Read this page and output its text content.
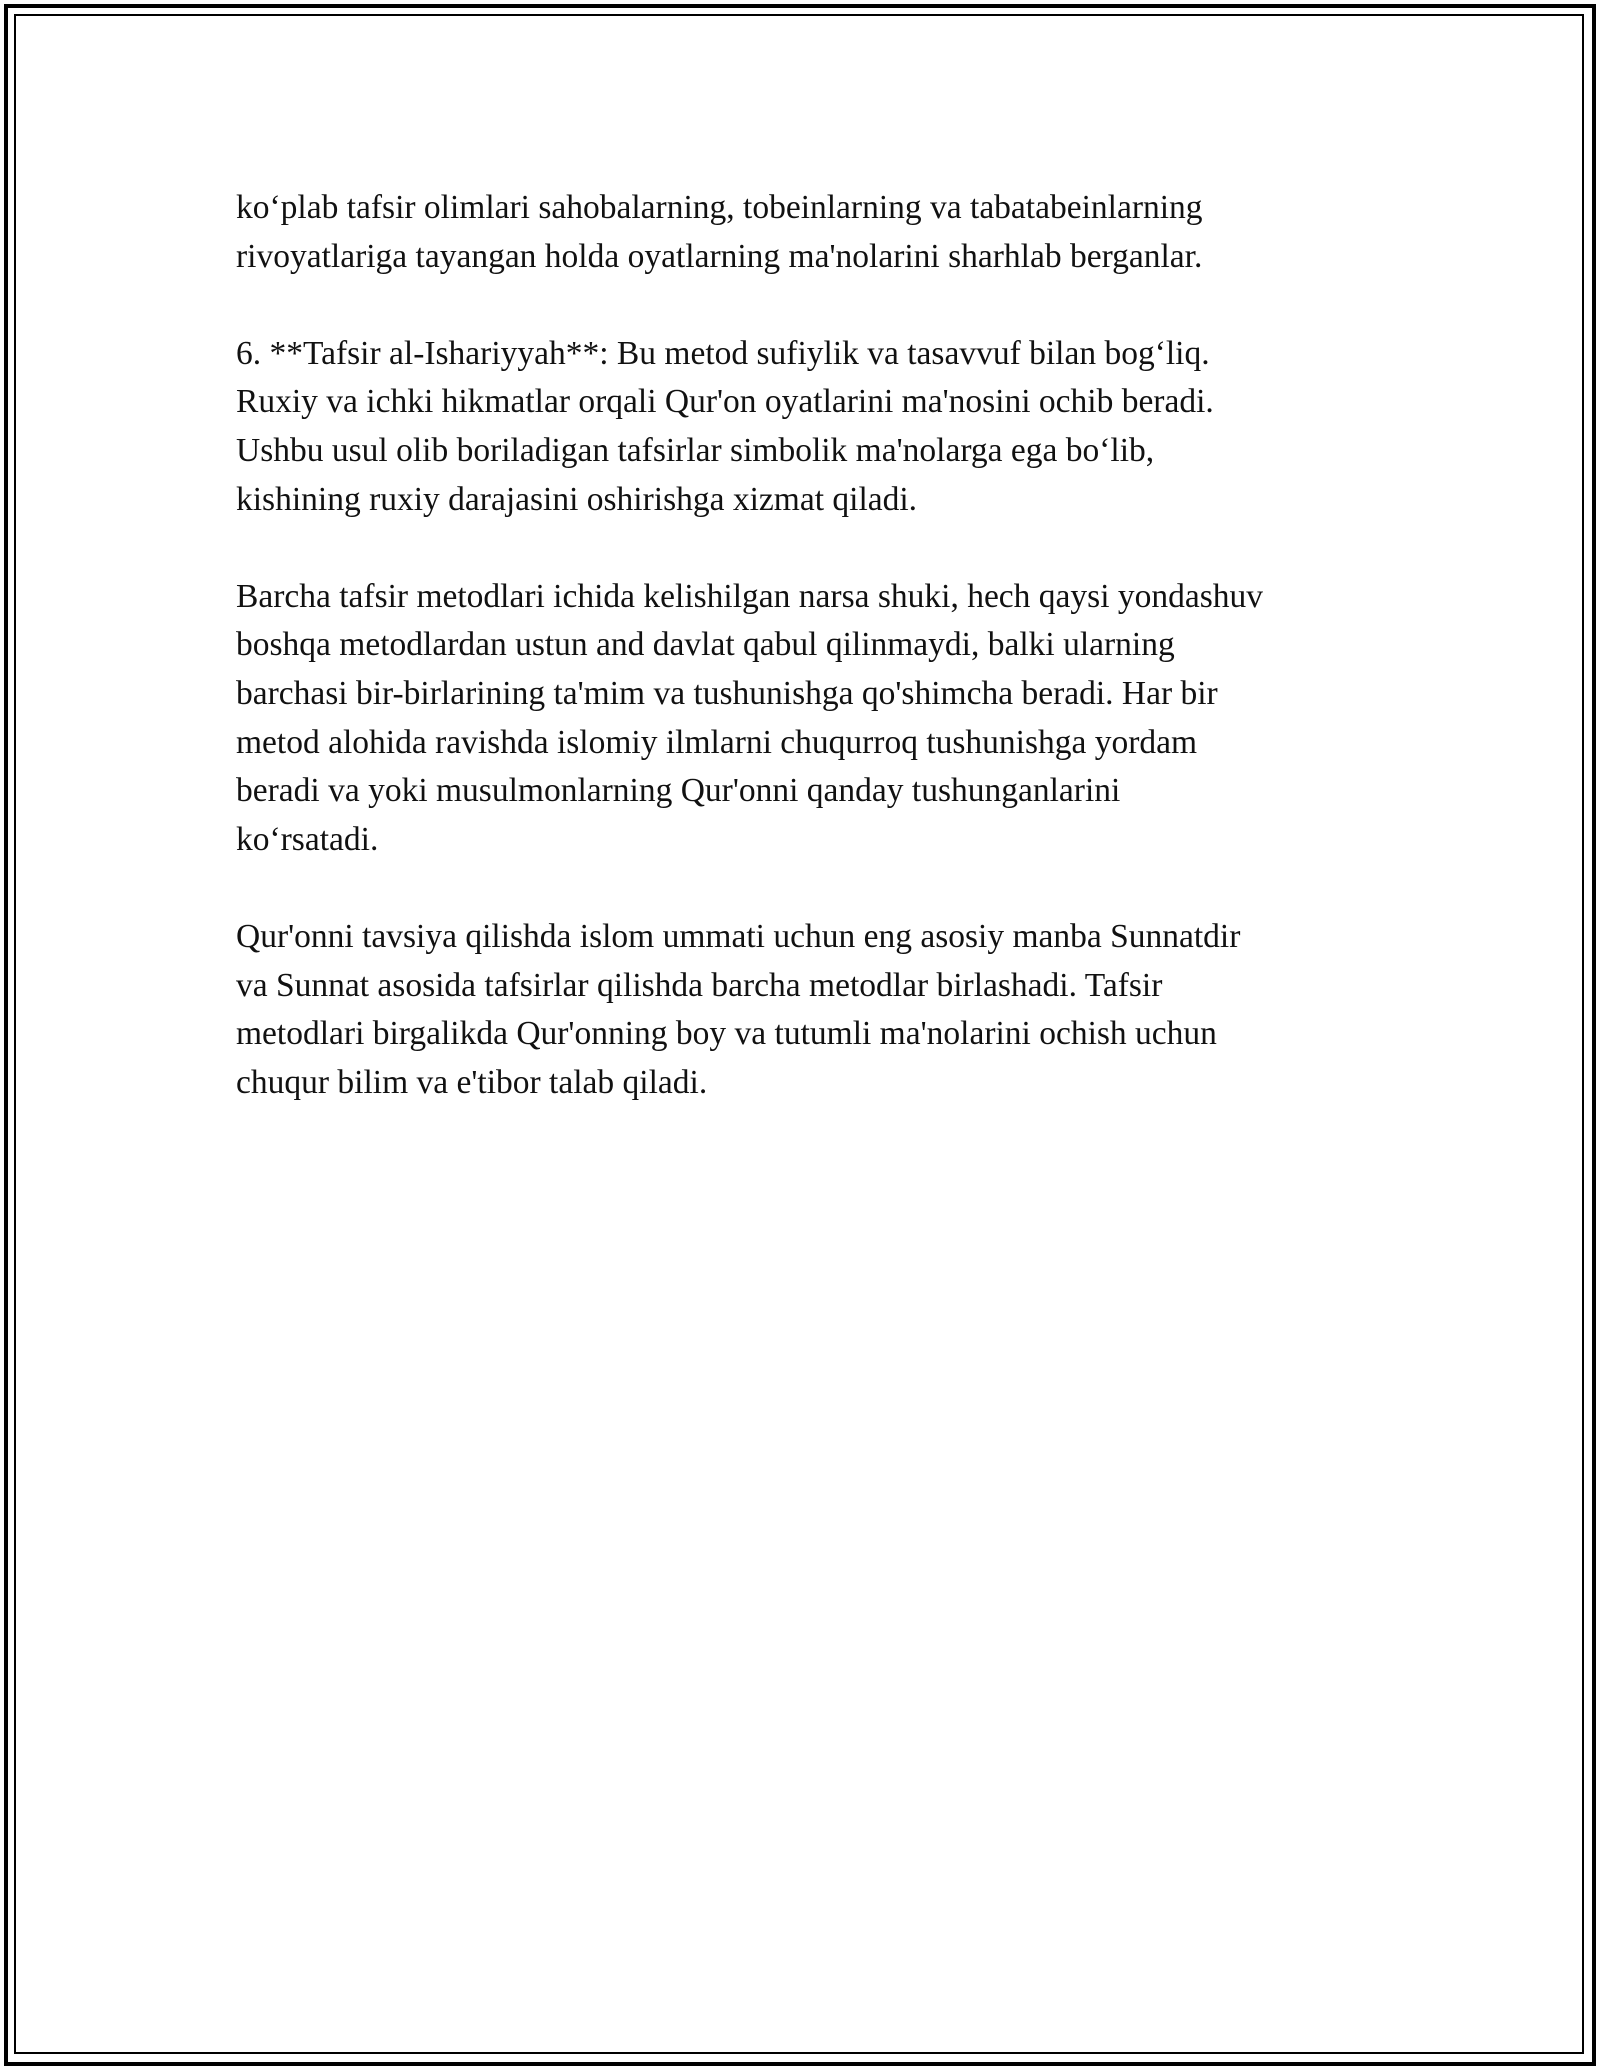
ko‘plab tafsir olimlari sahobalarning, tobeinlarning va tabatabeinlarning
rivoyatlariga tayangan holda oyatlarning ma'nolarini sharhlab berganlar.

6. **Tafsir al-Ishariyyah**: Bu metod sufiylik va tasavvuf bilan bog‘liq.
Ruxiy va ichki hikmatlar orqali Qur'on oyatlarini ma'nosini ochib beradi.
Ushbu usul olib boriladigan tafsirlar simbolik ma'nolarga ega bo‘lib,
kishining ruxiy darajasini oshirishga xizmat qiladi.

Barcha tafsir metodlari ichida kelishilgan narsa shuki, hech qaysi yondashuv
boshqa metodlardan ustun and davlat qabul qilinmaydi, balki ularning
barchasi bir-birlarining ta'mim va tushunishga qo'shimcha beradi. Har bir
metod alohida ravishda islomiy ilmlarni chuqurroq tushunishga yordam
beradi va yoki musulmonlarning Qur'onni qanday tushunganlarini
ko‘rsatadi.

Qur'onni tavsiya qilishda islom ummati uchun eng asosiy manba Sunnatdir
va Sunnat asosida tafsirlar qilishda barcha metodlar birlashadi. Tafsir
metodlari birgalikda Qur'onning boy va tutumli ma'nolarini ochish uchun
chuqur bilim va e'tibor talab qiladi.
